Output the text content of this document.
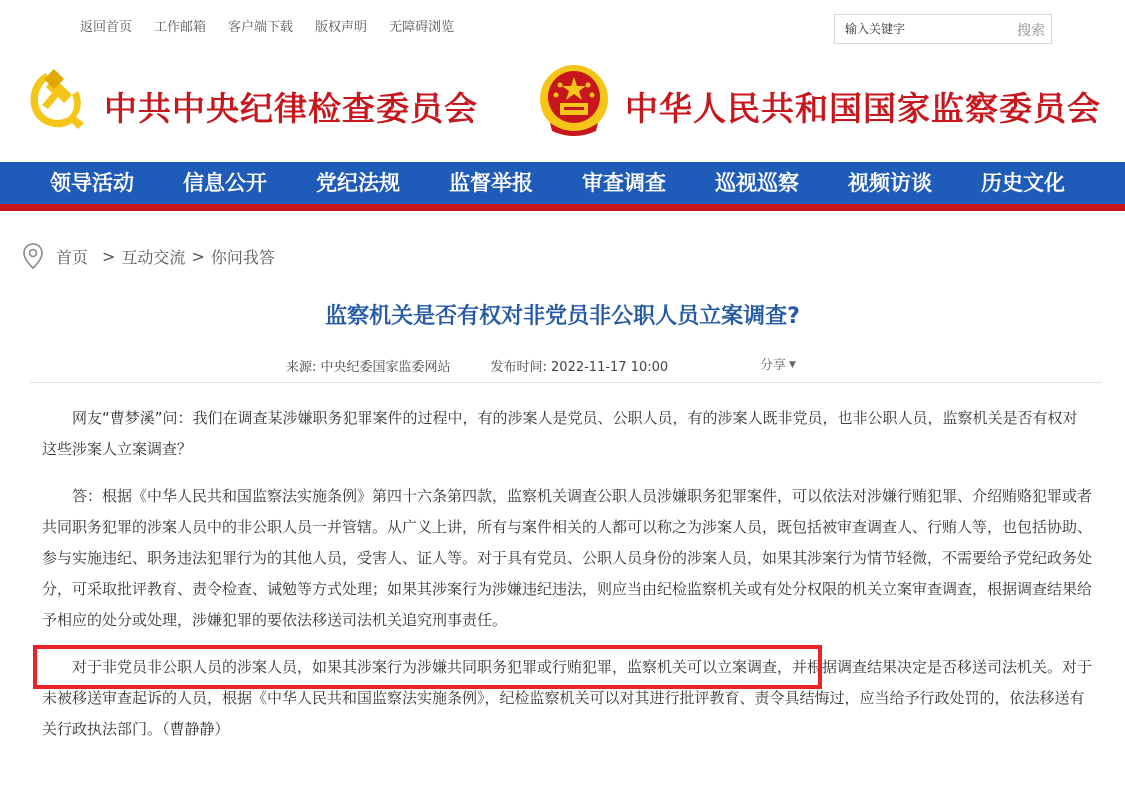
返回首页 工作邮箱 客户端下载 版权声明 无障碍浏览
输入关键字	搜索
中共中央纪律检查委员会	中华人民共和国国家监察委员会
领导活动	信息公开	党纪法规	监督举报	审查调查	巡视巡察	视频访谈	历史文化
首页 > 互动交流 > 你问我答
监察机关是否有权对非党员非公职人员立案调查?
来源: 中央纪委国家监委网站	发布时间: 2022-11-17 10:00	分享 ▼

网友“曹梦溪”问：我们在调查某涉嫌职务犯罪案件的过程中，有的涉案人是党员、公职人员，有的涉案人既非党员，也非公职人员，监察机关是否有权对这些涉案人立案调查？

答：根据《中华人民共和国监察法实施条例》第四十六条第四款，监察机关调查公职人员涉嫌职务犯罪案件，可以依法对涉嫌行贿犯罪、介绍贿赂犯罪或者共同职务犯罪的涉案人员中的非公职人员一并管辖。从广义上讲，所有与案件相关的人都可以称之为涉案人员，既包括被审查调查人、行贿人等，也包括协助、参与实施违纪、职务违法犯罪行为的其他人员，受害人、证人等。对于具有党员、公职人员身份的涉案人员，如果其涉案行为情节轻微，不需要给予党纪政务处分，可采取批评教育、责令检查、诫勉等方式处理；如果其涉案行为涉嫌违纪违法，则应当由纪检监察机关或有处分权限的机关立案审查调查，根据调查结果给予相应的处分或处理，涉嫌犯罪的要依法移送司法机关追究刑事责任。

对于非党员非公职人员的涉案人员，如果其涉案行为涉嫌共同职务犯罪或行贿犯罪，监察机关可以立案调查，并根据调查结果决定是否移送司法机关。对于未被移送审查起诉的人员，根据《中华人民共和国监察法实施条例》，纪检监察机关可以对其进行批评教育、责令具结悔过，应当给予行政处罚的，依法移送有关行政执法部门。（曹静静）
